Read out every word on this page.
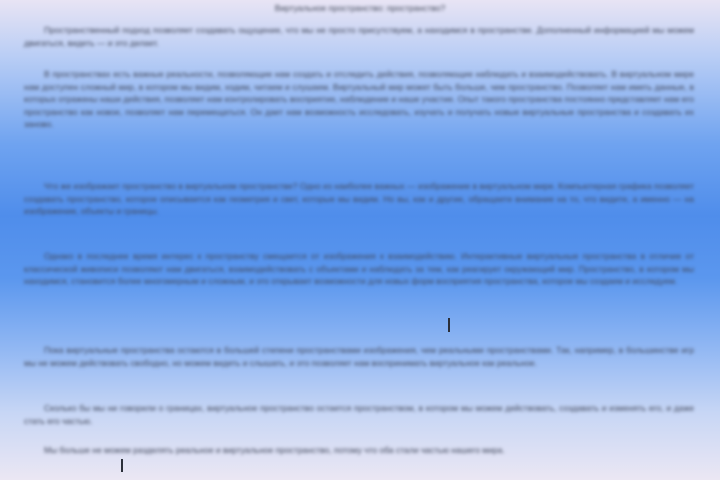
Виртуальное пространство: пространство?
Пространственный подход позволяет создавать ощущение, что мы не просто присутствуем, а находимся в пространстве. Дополненный информацией мы можем двигаться, видеть — и это делает.
В пространствах есть важные реальности, позволяющие нам создать и отследить действия, позволяющие наблюдать и взаимодействовать. В виртуальном мире нам доступен сложный мир, в котором мы видим, ходим, читаем и слушаем. Виртуальный мир может быть больше, чем пространство. Позволяет нам иметь данные, в которых отражены наши действия, позволяет нам контролировать восприятие, наблюдение и наше участие. Опыт такого пространства постоянно представляет нам его пространство как новое, позволяет нам перемещаться. Он дает нам возможность исследовать, изучать и получать новые виртуальные пространства и создавать их заново.
Что же изображает пространство в виртуальном пространстве? Одно из наиболее важных — изображение в виртуальном мире. Компьютерная графика позволяет создавать пространство, которое описывается как геометрия и свет, которые мы видим. Но вы, как и другие, обращаете внимание на то, что видите, а именно — на изображение, объекты и границы.
Однако в последнее время интерес к пространству смещается от изображения к взаимодействию. Интерактивные виртуальные пространства в отличие от классической живописи позволяют нам двигаться, взаимодействовать с объектами и наблюдать за тем, как реагирует окружающий мир. Пространство, в котором мы находимся, становится более многомерным и сложным, и это открывает возможности для новых форм восприятия пространства, которое мы создаем и исследуем.
Пока виртуальные пространства остаются в большей степени пространствами изображения, чем реальными пространствами. Так, например, в большинстве игр мы не можем действовать свободно, но можем видеть и слышать, и это позволяет нам воспринимать виртуальное как реальное.
Сколько бы мы ни говорили о границах, виртуальное пространство остается пространством, в котором мы можем действовать, создавать и изменять его, и даже стать его частью.
Мы больше не можем разделять реальное и виртуальное пространство, потому что оба стали частью нашего мира.
